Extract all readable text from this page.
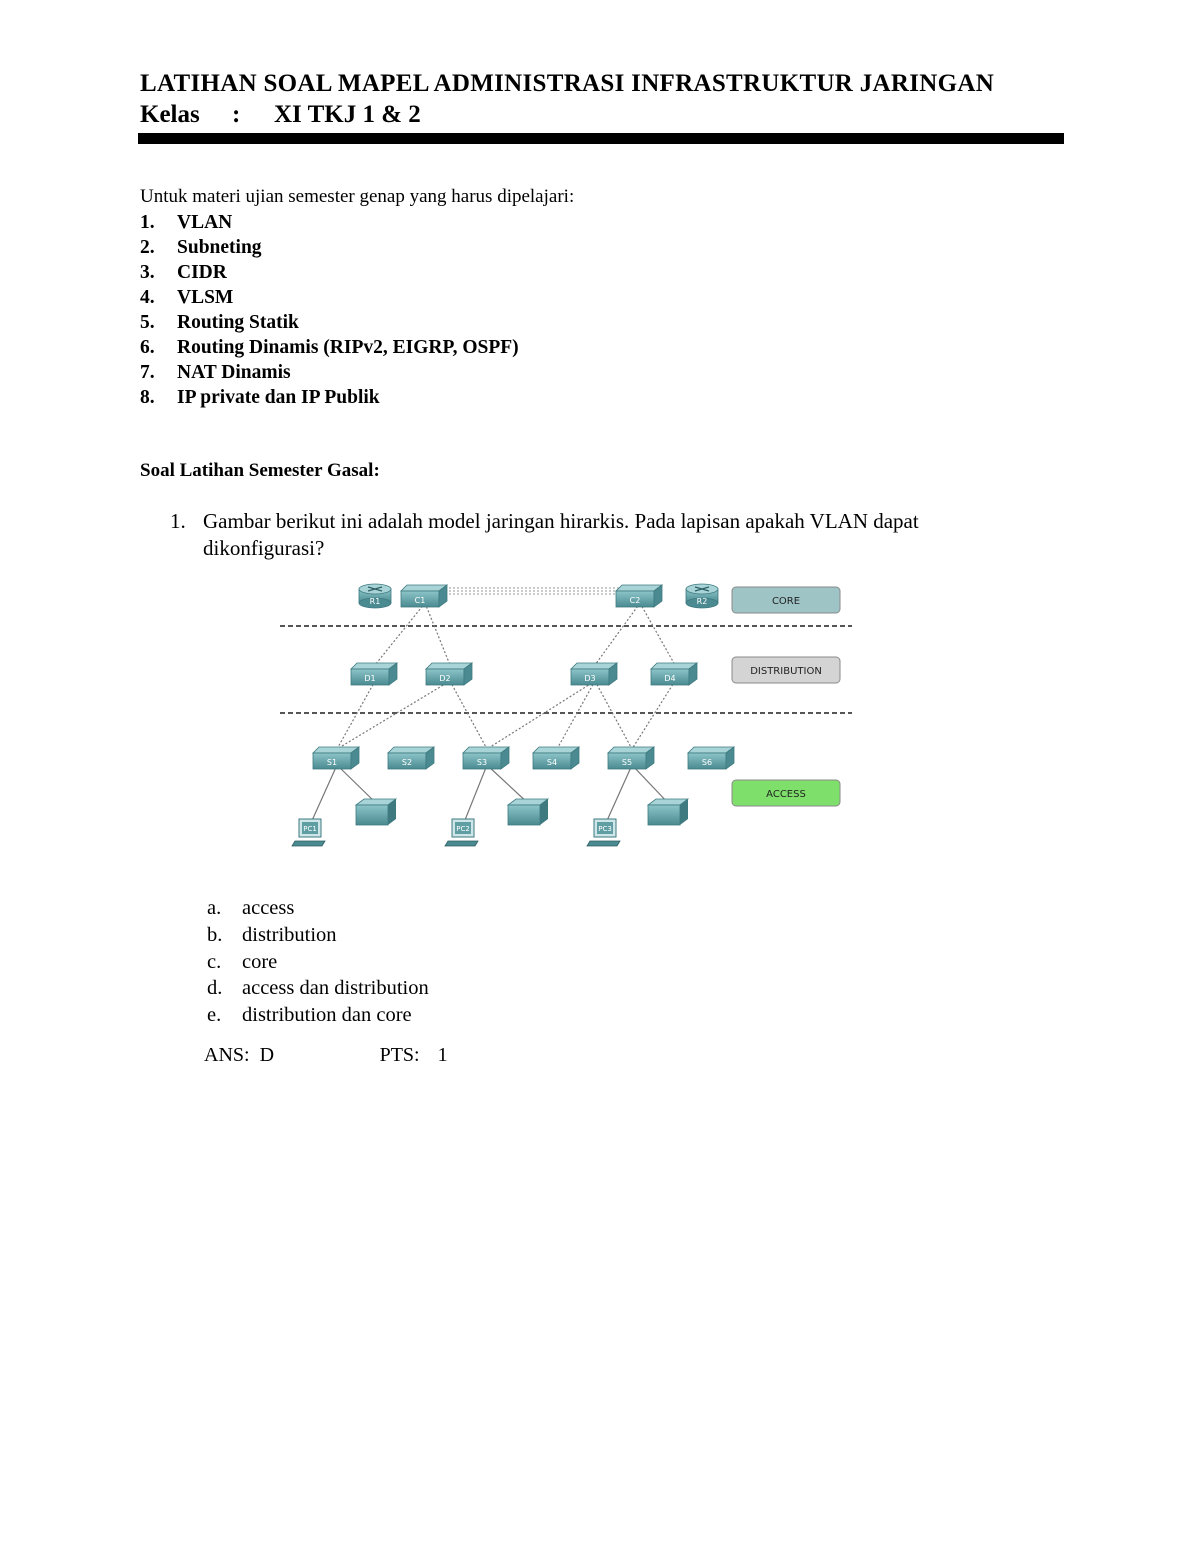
LATIHAN SOAL MAPEL ADMINISTRASI INFRASTRUKTUR JARINGAN
Kelas : XI TKJ 1 & 2
Untuk materi ujian semester genap yang harus dipelajari:
1. VLAN
2. Subneting
3. CIDR
4. VLSM
5. Routing Statik
6. Routing Dinamis (RIPv2, EIGRP, OSPF)
7. NAT Dinamis
8. IP private dan IP Publik
Soal Latihan Semester Gasal:
1. Gambar berikut ini adalah model jaringan hirarkis. Pada lapisan apakah VLAN dapat dikonfigurasi?
R1	R2
C1	C2
D1	D2	D3	D4
S1	S2	S3	S4	S5	S6
PC1	PC2	PC3
CORE
DISTRIBUTION
ACCESS
a. access
b. distribution
c. core
d. access dan distribution
e. distribution dan core
ANS: D	PTS: 1
